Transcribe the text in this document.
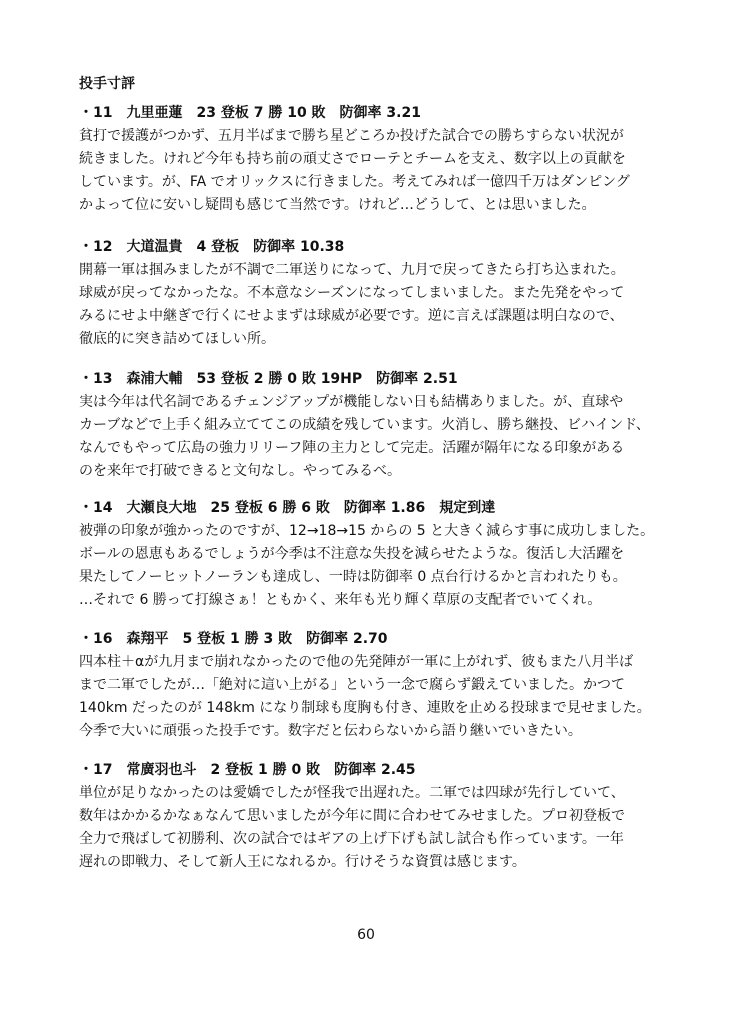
投手寸評
・11　九里亜蓮　23 登板 7 勝 10 敗　防御率 3.21
貧打で援護がつかず、五月半ばまで勝ち星どころか投げた試合での勝ちすらない状況が
続きました。けれど今年も持ち前の頑丈さでローテとチームを支え、数字以上の貢献を
しています。が、FA でオリックスに行きました。考えてみれば一億四千万はダンピング
かよって位に安いし疑問も感じて当然です。けれど…どうして、とは思いました。
・12　大道温貴　4 登板　防御率 10.38
開幕一軍は掴みましたが不調で二軍送りになって、九月で戻ってきたら打ち込まれた。
球威が戻ってなかったな。不本意なシーズンになってしまいました。また先発をやって
みるにせよ中継ぎで行くにせよまずは球威が必要です。逆に言えば課題は明白なので、
徹底的に突き詰めてほしい所。
・13　森浦大輔　53 登板 2 勝 0 敗 19HP　防御率 2.51
実は今年は代名詞であるチェンジアップが機能しない日も結構ありました。が、直球や
カーブなどで上手く組み立ててこの成績を残しています。火消し、勝ち継投、ビハインド、
なんでもやって広島の強力リリーフ陣の主力として完走。活躍が隔年になる印象がある
のを来年で打破できると文句なし。やってみるべ。
・14　大瀬良大地　25 登板 6 勝 6 敗　防御率 1.86　規定到達
被弾の印象が強かったのですが、12→18→15 からの 5 と大きく減らす事に成功しました。
ボールの恩恵もあるでしょうが今季は不注意な失投を減らせたような。復活し大活躍を
果たしてノーヒットノーランも達成し、一時は防御率 0 点台行けるかと言われたりも。
…それで 6 勝って打線さぁ！ともかく、来年も光り輝く草原の支配者でいてくれ。
・16　森翔平　5 登板 1 勝 3 敗　防御率 2.70
四本柱＋αが九月まで崩れなかったので他の先発陣が一軍に上がれず、彼もまた八月半ば
まで二軍でしたが…「絶対に這い上がる」という一念で腐らず鍛えていました。かつて
140km だったのが 148km になり制球も度胸も付き、連敗を止める投球まで見せました。
今季で大いに頑張った投手です。数字だと伝わらないから語り継いでいきたい。
・17　常廣羽也斗　2 登板 1 勝 0 敗　防御率 2.45
単位が足りなかったのは愛嬌でしたが怪我で出遅れた。二軍では四球が先行していて、
数年はかかるかなぁなんて思いましたが今年に間に合わせてみせました。プロ初登板で
全力で飛ばして初勝利、次の試合ではギアの上げ下げも試し試合も作っています。一年
遅れの即戦力、そして新人王になれるか。行けそうな資質は感じます。
60
